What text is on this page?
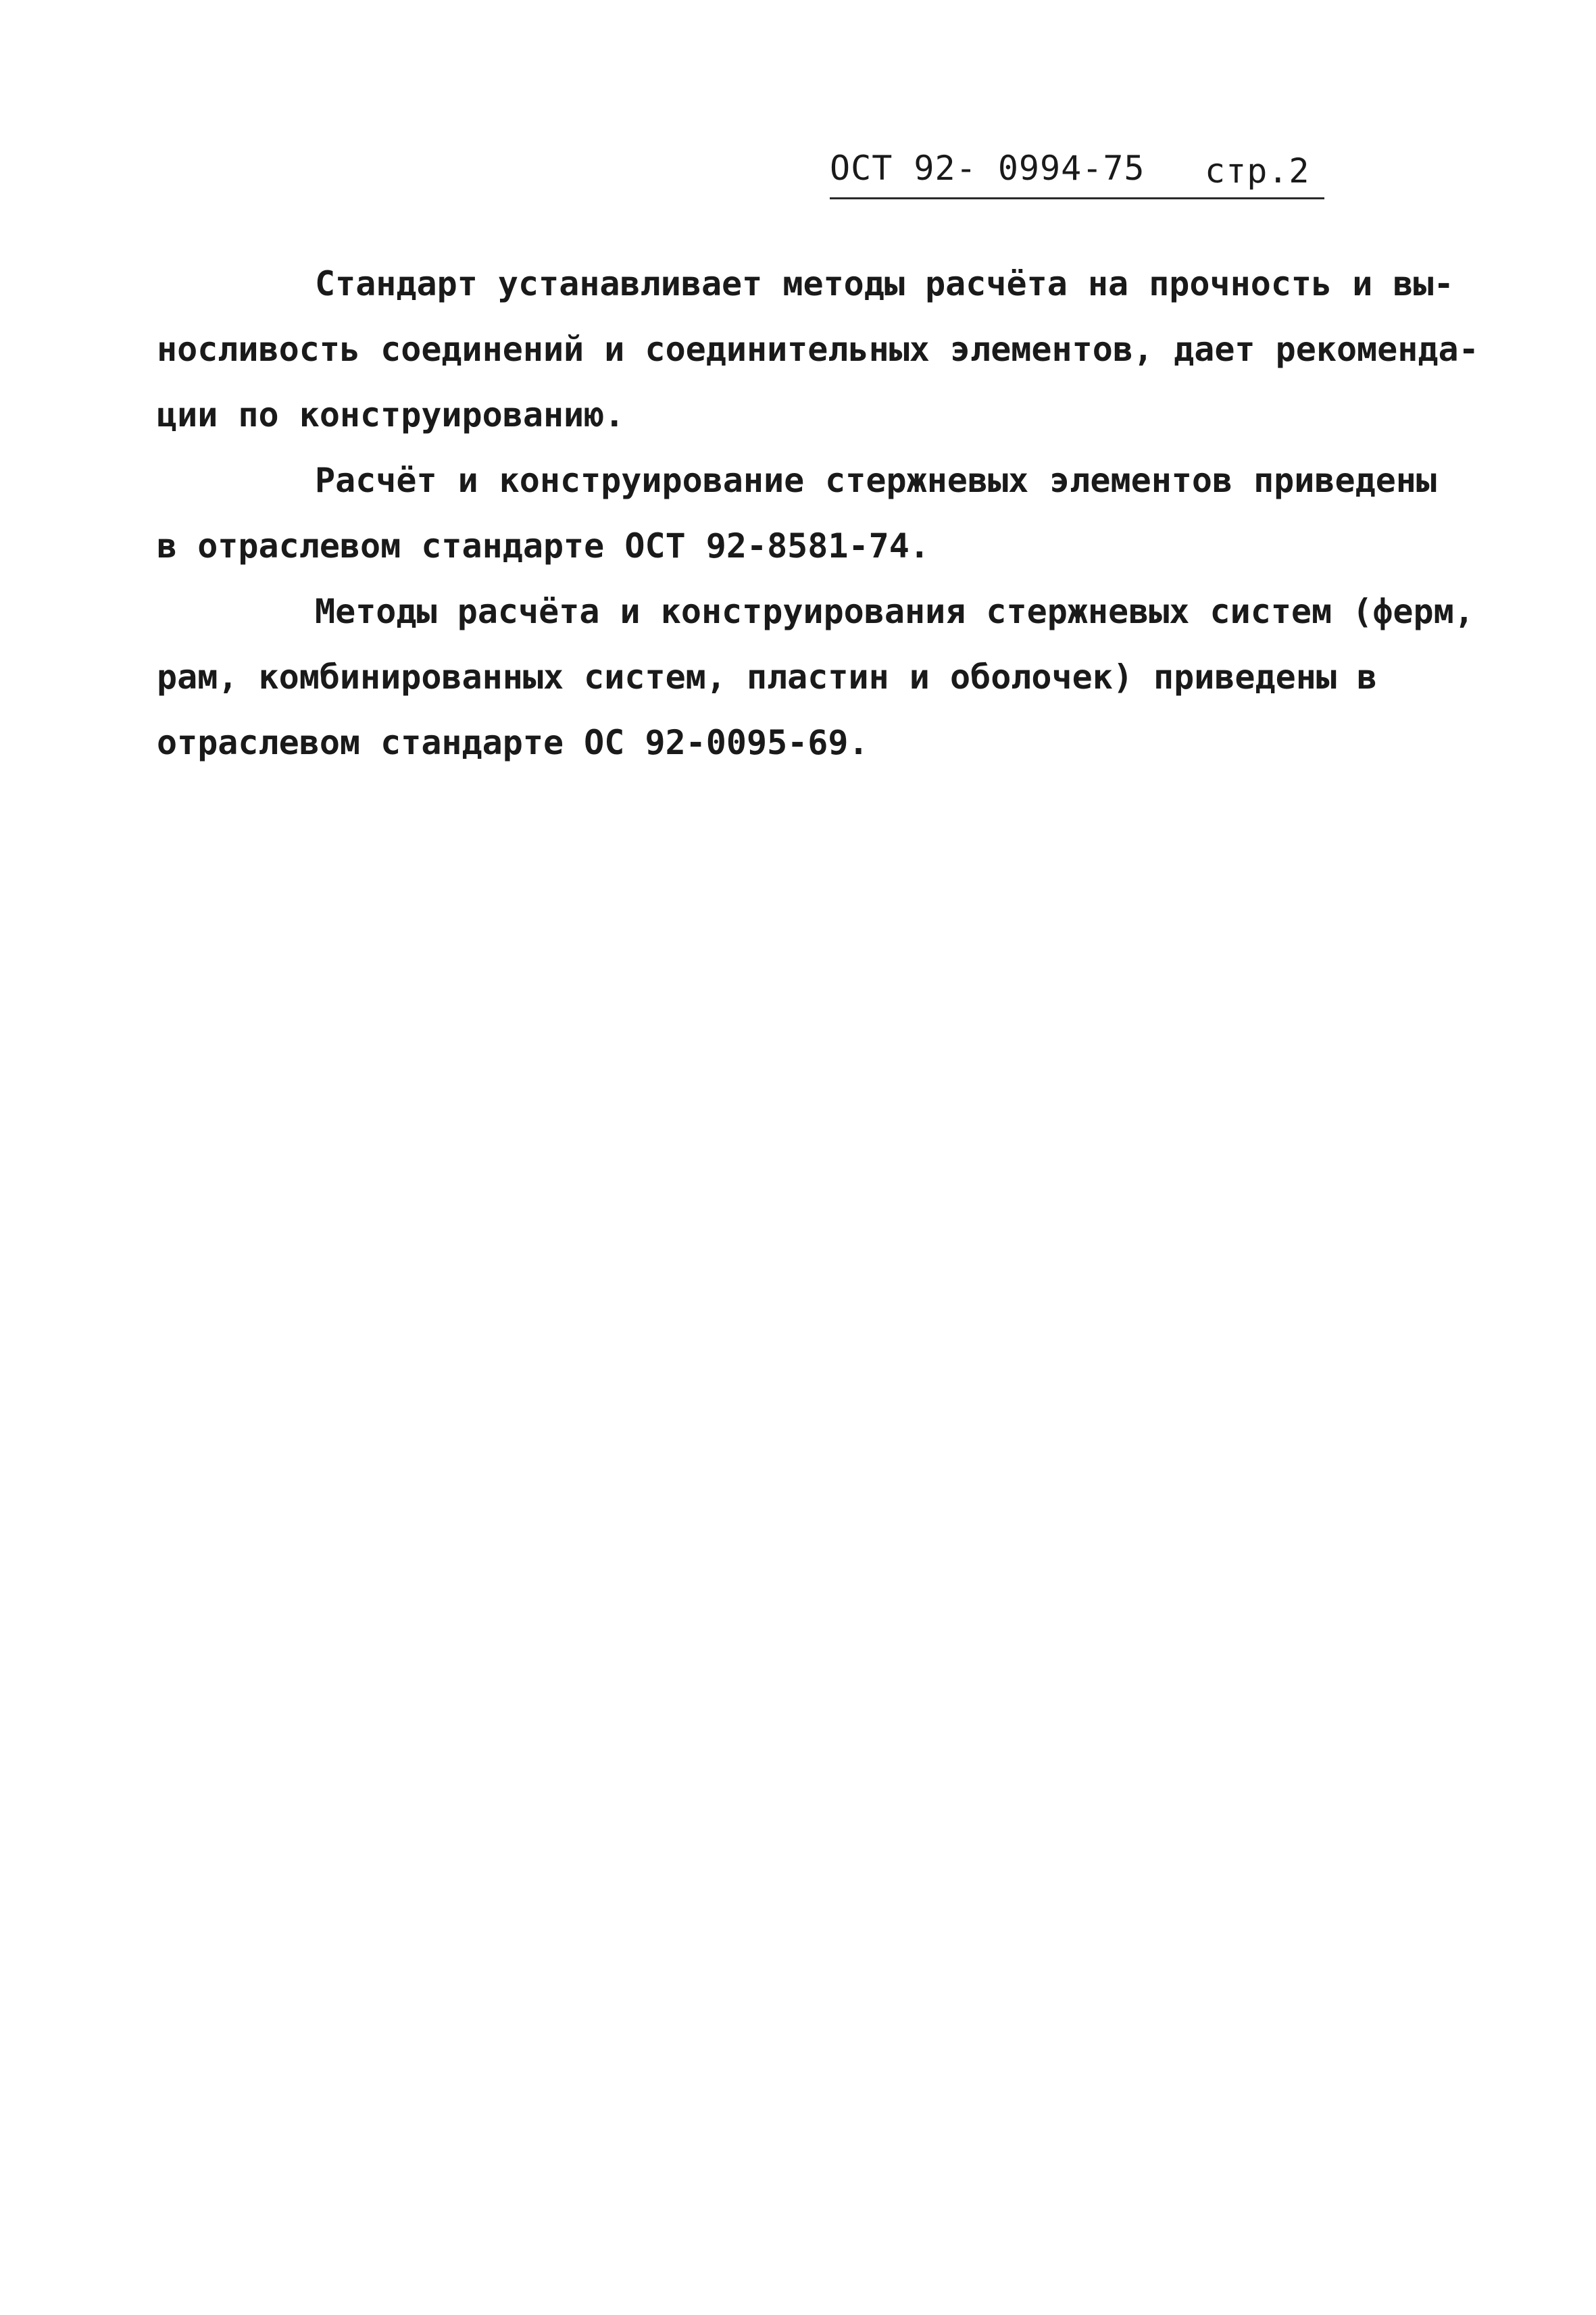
ОСТ 92- 0994-75 стр.2
Стандарт устанавливает методы расчёта на прочность и вы-
носливость соединений и соединительных элементов, дает рекоменда-
ции по конструированию.
Расчёт и конструирование стержневых элементов приведены
в отраслевом стандарте ОСТ 92-8581-74.
Методы расчёта и конструирования стержневых систем (ферм,
рам, комбинированных систем, пластин и оболочек) приведены в
отраслевом стандарте ОС 92-0095-69.
